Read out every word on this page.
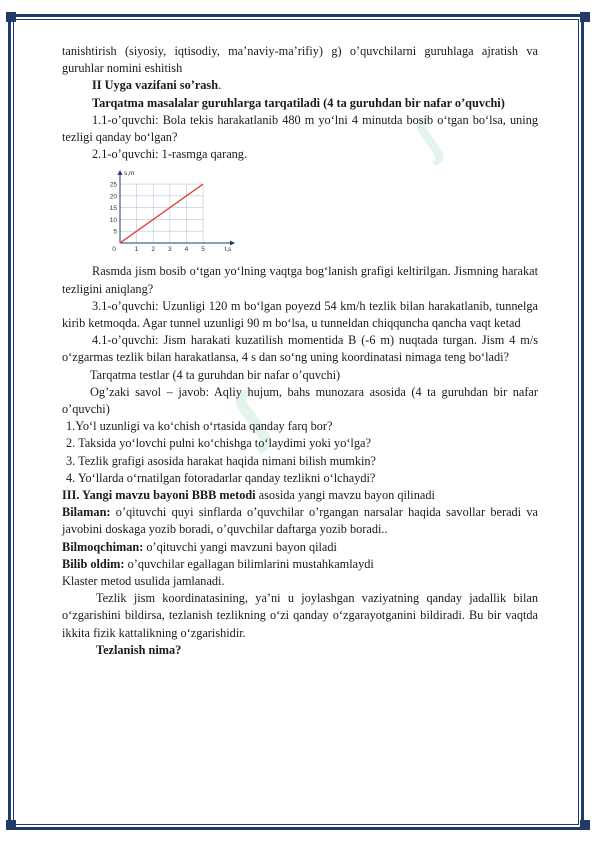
ʃ
ʃ

tanishtirish (siyosiy, iqtisodiy, ma’naviy-ma’rifiy) g) o’quvchilarni guruhlaga ajratish va guruhlar nomini eshitish

II Uyga vazifani so’rash.

Tarqatma masalalar guruhlarga tarqatiladi (4 ta guruhdan bir nafar o’quvchi)

1.1-o’quvchi: Bola tekis harakatlanib 480 m yo‘lni 4 minutda bosib o‘tgan bo‘lsa, uning tezligi qanday bo‘lgan?

2.1-o’quvchi: 1-rasmga qarang.

25
20
15
10
5
0	1 2 3 4 5	t,s
s,m

Rasmda jism bosib o‘tgan yo‘lning vaqtga bog‘lanish grafigi keltirilgan. Jismning harakat tezligini aniqlang?

3.1-o’quvchi: Uzunligi 120 m bo‘lgan poyezd 54 km/h tezlik bilan harakatlanib, tunnelga kirib ketmoqda. Agar tunnel uzunligi 90 m bo‘lsa, u tunneldan chiqquncha qancha vaqt ketad

4.1-o’quvchi: Jism harakati kuzatilish momentida B (-6 m) nuqtada turgan. Jism 4 m/s o‘zgarmas tezlik bilan harakatlansa, 4 s dan so‘ng uning koordinatasi nimaga teng bo‘ladi?

Tarqatma testlar (4 ta guruhdan bir nafar o’quvchi)

Og’zaki savol – javob: Aqliy hujum, bahs munozara asosida (4 ta guruhdan bir nafar o’quvchi)

1.Yo‘l uzunligi va ko‘chish o‘rtasida qanday farq bor?

2. Taksida yo‘lovchi pulni ko‘chishga to‘laydimi yoki yo‘lga?

3. Tezlik grafigi asosida harakat haqida nimani bilish mumkin?

4. Yo‘llarda o‘rnatilgan fotoradarlar qanday tezlikni o‘lchaydi?

III. Yangi mavzu bayoni BBB metodi asosida yangi mavzu bayon qilinadi

Bilaman: o’qituvchi quyi sinflarda o’quvchilar o’rgangan narsalar haqida savollar beradi va javobini doskaga yozib boradi, o’quvchilar daftarga yozib boradi..

Bilmoqchiman: o’qituvchi yangi mavzuni bayon qiladi

Bilib oldim: o’quvchilar egallagan bilimlarini mustahkamlaydi

Klaster metod usulida jamlanadi.

Tezlik jism koordinatasining, ya’ni u joylashgan vaziyatning qanday jadallik bilan o‘zgarishini bildirsa, tezlanish tezlikning o‘zi qanday o‘zgarayotganini bildiradi. Bu bir vaqtda ikkita fizik kattalikning o‘zgarishidir.

Tezlanish nima?
